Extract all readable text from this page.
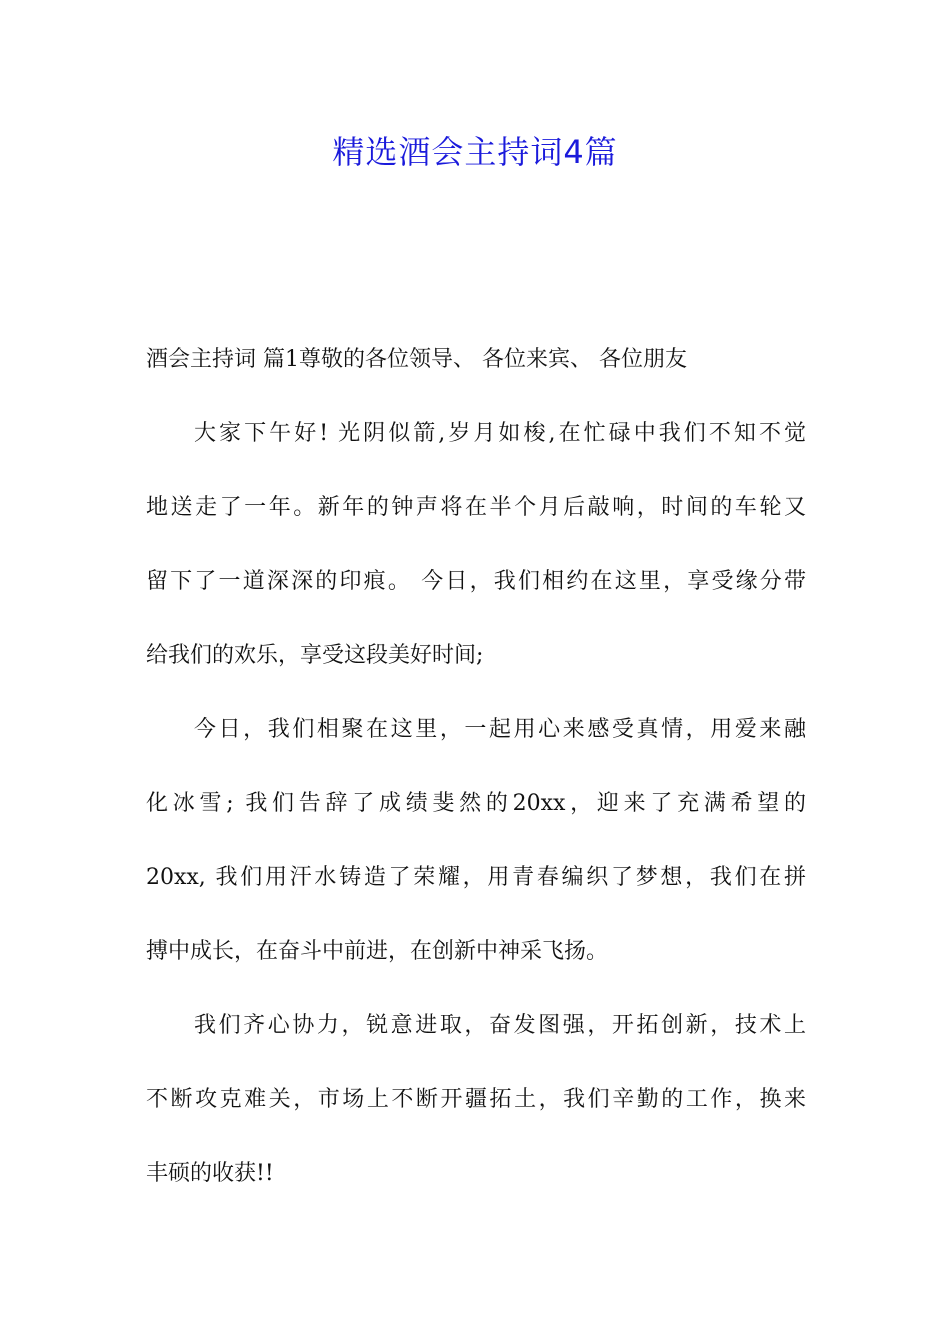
精选酒会主持词4篇
酒会主持词 篇1尊敬的各位领导、 各位来宾、 各位朋友
大家下午好! 光阴似箭,岁月如梭,在忙碌中我们不知不觉
地送走了一年。新年的钟声将在半个月后敲响，时间的车轮又
留下了一道深深的印痕。 今日，我们相约在这里，享受缘分带
给我们的欢乐，享受这段美好时间;
今日，我们相聚在这里，一起用心来感受真情，用爱来融
化冰雪; 我们告辞了成绩斐然的20xx，迎来了充满希望的
20xx, 我们用汗水铸造了荣耀，用青春编织了梦想，我们在拼
搏中成长，在奋斗中前进，在创新中神采飞扬。
我们齐心协力，锐意进取，奋发图强，开拓创新，技术上
不断攻克难关，市场上不断开疆拓土，我们辛勤的工作，换来
丰硕的收获!!
